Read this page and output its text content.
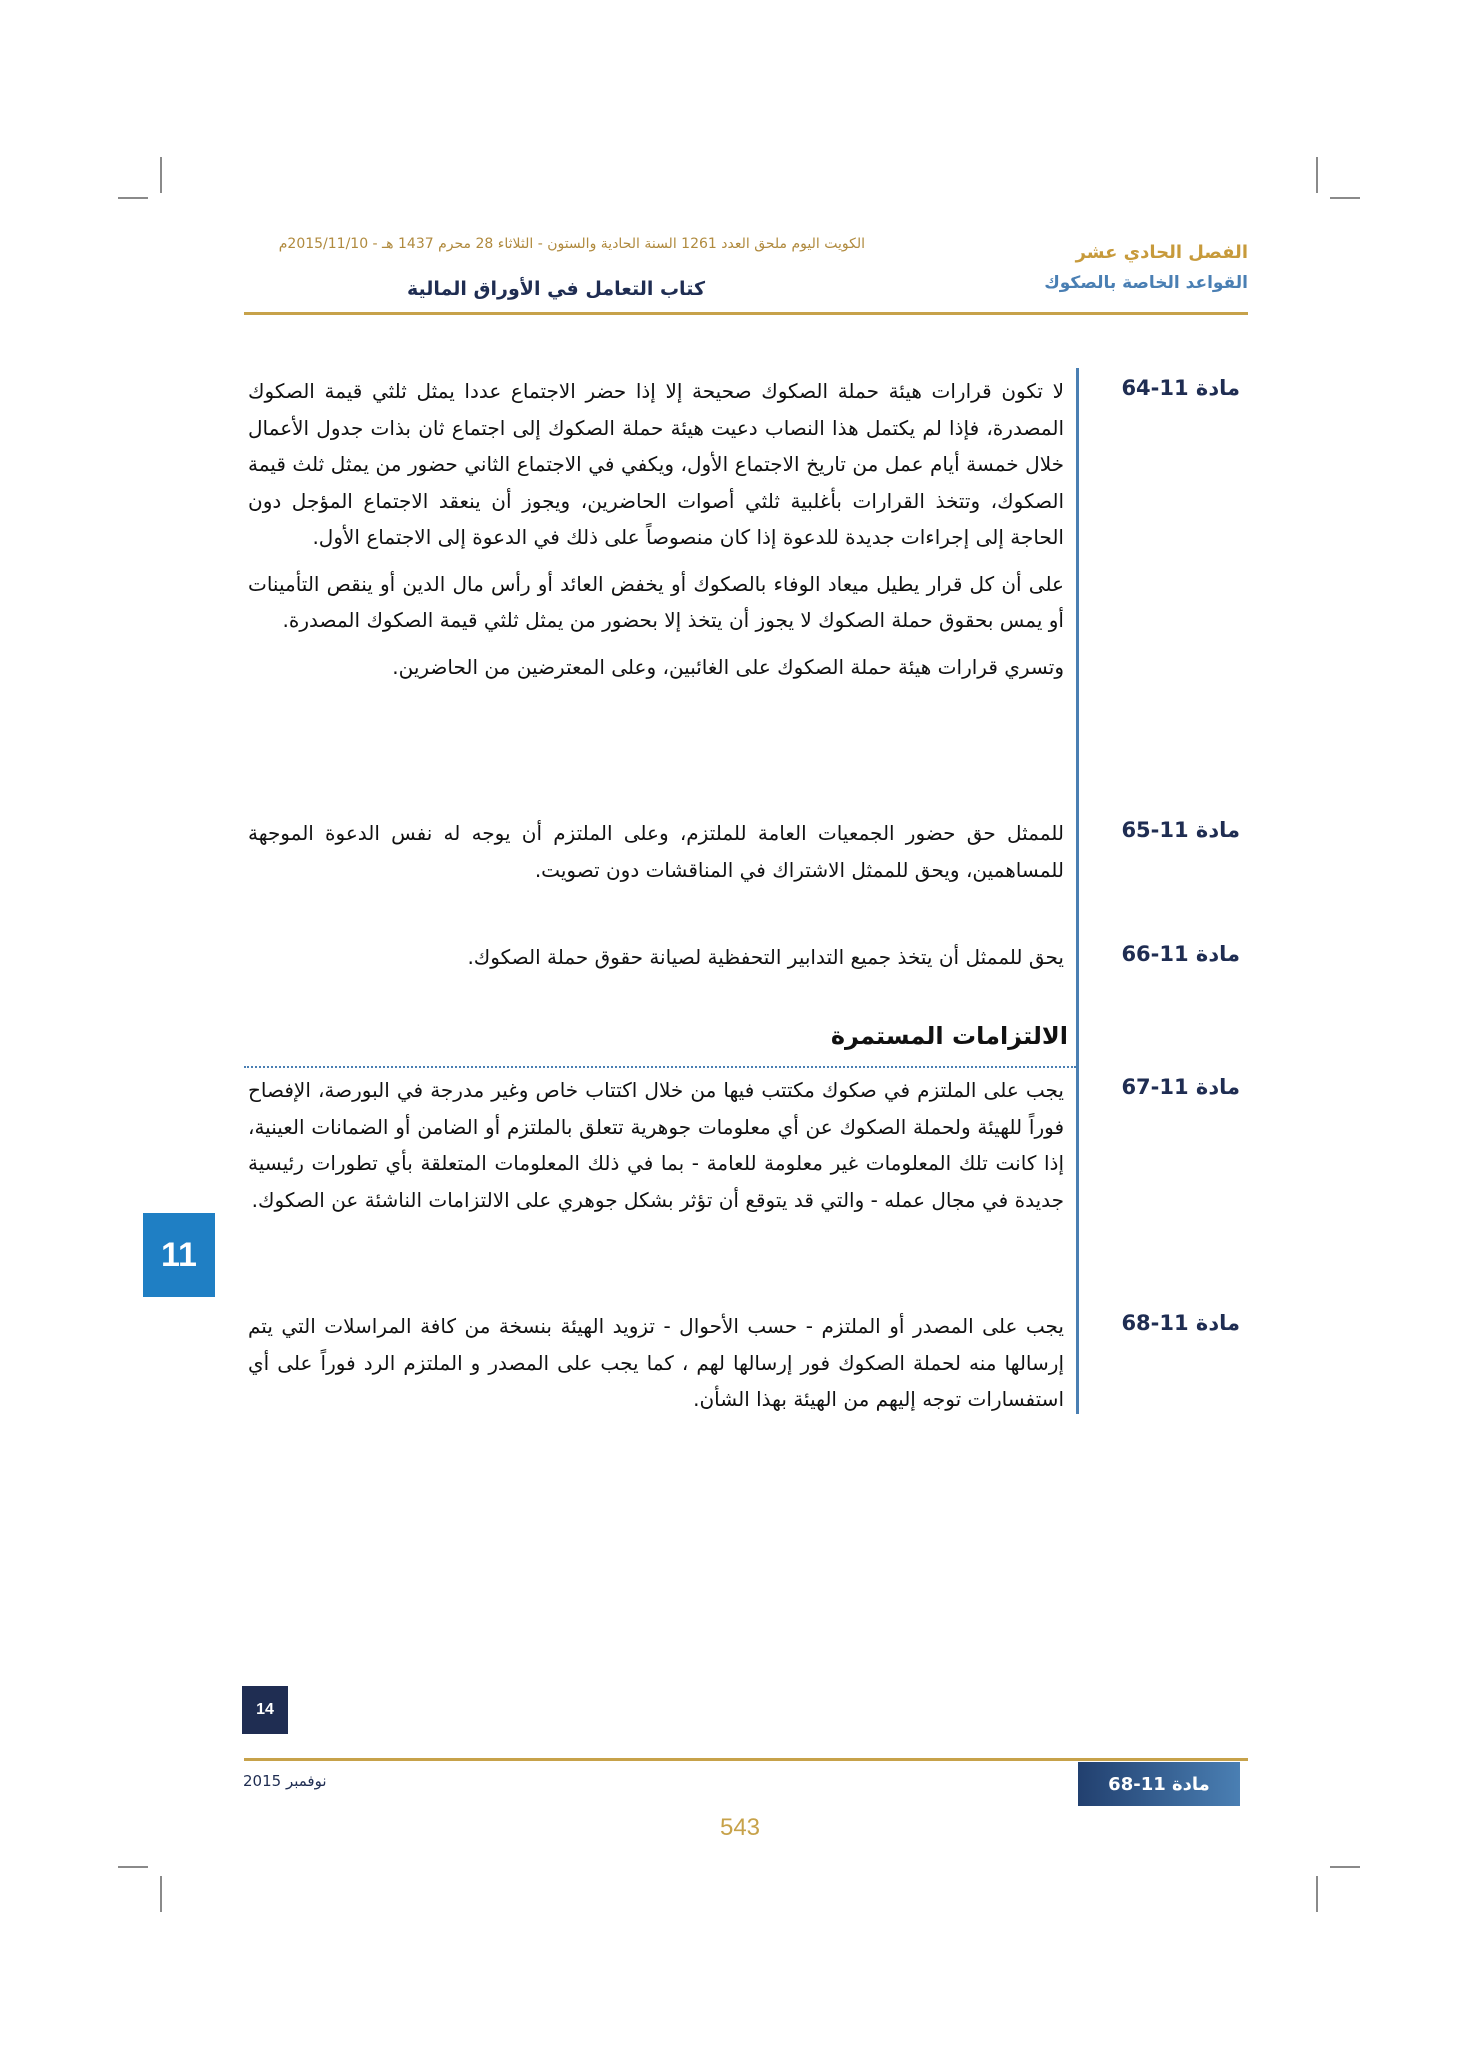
الكويت اليوم ملحق العدد 1261 السنة الحادية والستون - الثلاثاء 28 محرم 1437 هـ - 2015/11/10م
كتاب التعامل في الأوراق المالية
الفصل الحادي عشر
القواعد الخاصة بالصكوك
مادة 11-64

لا تكون قرارات هيئة حملة الصكوك صحيحة إلا إذا حضر الاجتماع عددا يمثل ثلثي قيمة الصكوك المصدرة، فإذا لم يكتمل هذا النصاب دعيت هيئة حملة الصكوك إلى اجتماع ثان بذات جدول الأعمال خلال خمسة أيام عمل من تاريخ الاجتماع الأول، ويكفي في الاجتماع الثاني حضور من يمثل ثلث قيمة الصكوك، وتتخذ القرارات بأغلبية ثلثي أصوات الحاضرين، ويجوز أن ينعقد الاجتماع المؤجل دون الحاجة إلى إجراءات جديدة للدعوة إذا كان منصوصاً على ذلك في الدعوة إلى الاجتماع الأول.

على أن كل قرار يطيل ميعاد الوفاء بالصكوك أو يخفض العائد أو رأس مال الدين أو ينقص التأمينات أو يمس بحقوق حملة الصكوك لا يجوز أن يتخذ إلا بحضور من يمثل ثلثي قيمة الصكوك المصدرة.

وتسري قرارات هيئة حملة الصكوك على الغائبين، وعلى المعترضين من الحاضرين.

مادة 11-65

للممثل حق حضور الجمعيات العامة للملتزم، وعلى الملتزم أن يوجه له نفس الدعوة الموجهة للمساهمين، ويحق للممثل الاشتراك في المناقشات دون تصويت.

مادة 11-66

يحق للممثل أن يتخذ جميع التدابير التحفظية لصيانة حقوق حملة الصكوك.

الالتزامات المستمرة
مادة 11-67

يجب على الملتزم في صكوك مكتتب فيها من خلال اكتتاب خاص وغير مدرجة في البورصة، الإفصاح فوراً للهيئة ولحملة الصكوك عن أي معلومات جوهرية تتعلق بالملتزم أو الضامن أو الضمانات العينية، إذا كانت تلك المعلومات غير معلومة للعامة - بما في ذلك المعلومات المتعلقة بأي تطورات رئيسية جديدة في مجال عمله - والتي قد يتوقع أن تؤثر بشكل جوهري على الالتزامات الناشئة عن الصكوك.

مادة 11-68

يجب على المصدر أو الملتزم - حسب الأحوال - تزويد الهيئة بنسخة من كافة المراسلات التي يتم إرسالها منه لحملة الصكوك فور إرسالها لهم ، كما يجب على المصدر و الملتزم الرد فوراً على أي استفسارات توجه إليهم من الهيئة بهذا الشأن.

11
14
نوفمبر 2015	مادة 11-68
543
